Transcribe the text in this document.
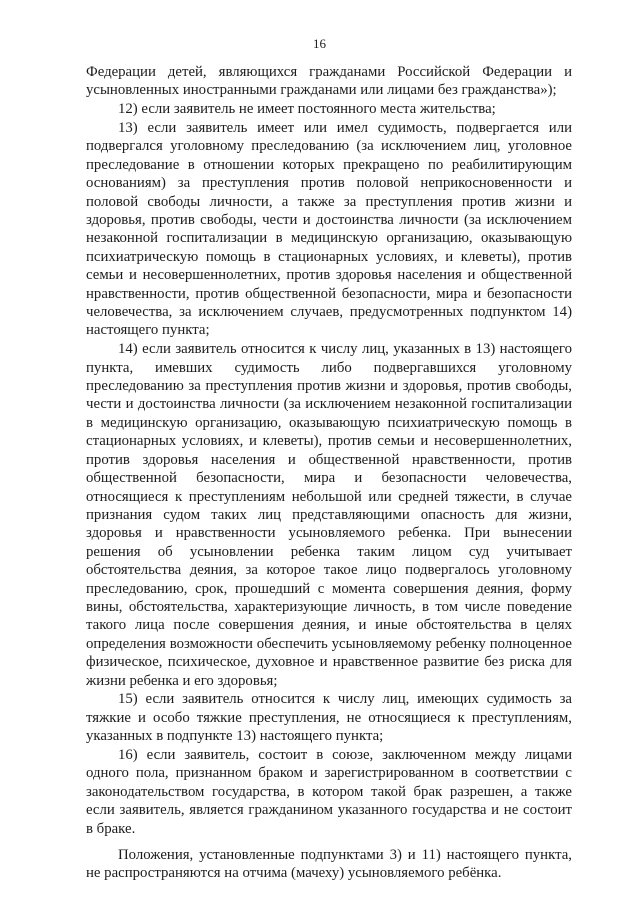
16

Федерации детей, являющихся гражданами Российской Федерации и усыновленных иностранными гражданами или лицами без гражданства»);

12) если заявитель не имеет постоянного места жительства;

13) если заявитель имеет или имел судимость, подвергается или подвергался уголовному преследованию (за исключением лиц, уголовное преследование в отношении которых прекращено по реабилитирующим основаниям) за преступления против половой неприкосновенности и половой свободы личности, а также за преступления против жизни и здоровья, против свободы, чести и достоинства личности (за исключением незаконной госпитализации в медицинскую организацию, оказывающую психиатрическую помощь в стационарных условиях, и клеветы), против семьи и несовершеннолетних, против здоровья населения и общественной нравственности, против общественной безопасности, мира и безопасности человечества, за исключением случаев, предусмотренных подпунктом 14) настоящего пункта;

14) если заявитель относится к числу лиц, указанных в 13) настоящего пункта, имевших судимость либо подвергавшихся уголовному преследованию за преступления против жизни и здоровья, против свободы, чести и достоинства личности (за исключением незаконной госпитализации в медицинскую организацию, оказывающую психиатрическую помощь в стационарных условиях, и клеветы), против семьи и несовершеннолетних, против здоровья населения и общественной нравственности, против общественной безопасности, мира и безопасности человечества, относящиеся к преступлениям небольшой или средней тяжести, в случае признания судом таких лиц представляющими опасность для жизни, здоровья и нравственности усыновляемого ребенка. При вынесении решения об усыновлении ребенка таким лицом суд учитывает обстоятельства деяния, за которое такое лицо подвергалось уголовному преследованию, срок, прошедший с момента совершения деяния, форму вины, обстоятельства, характеризующие личность, в том числе поведение такого лица после совершения деяния, и иные обстоятельства в целях определения возможности обеспечить усыновляемому ребенку полноценное физическое, психическое, духовное и нравственное развитие без риска для жизни ребенка и его здоровья;

15) если заявитель относится к числу лиц, имеющих судимость за тяжкие и особо тяжкие преступления, не относящиеся к преступлениям, указанных в подпункте 13) настоящего пункта;

16) если заявитель, состоит в союзе, заключенном между лицами одного пола, признанном браком и зарегистрированном в соответствии с законодательством государства, в котором такой брак разрешен, а также если заявитель, является гражданином указанного государства и не состоит в браке.

Положения, установленные подпунктами 3) и 11) настоящего пункта, не распространяются на отчима (мачеху) усыновляемого ребёнка.
